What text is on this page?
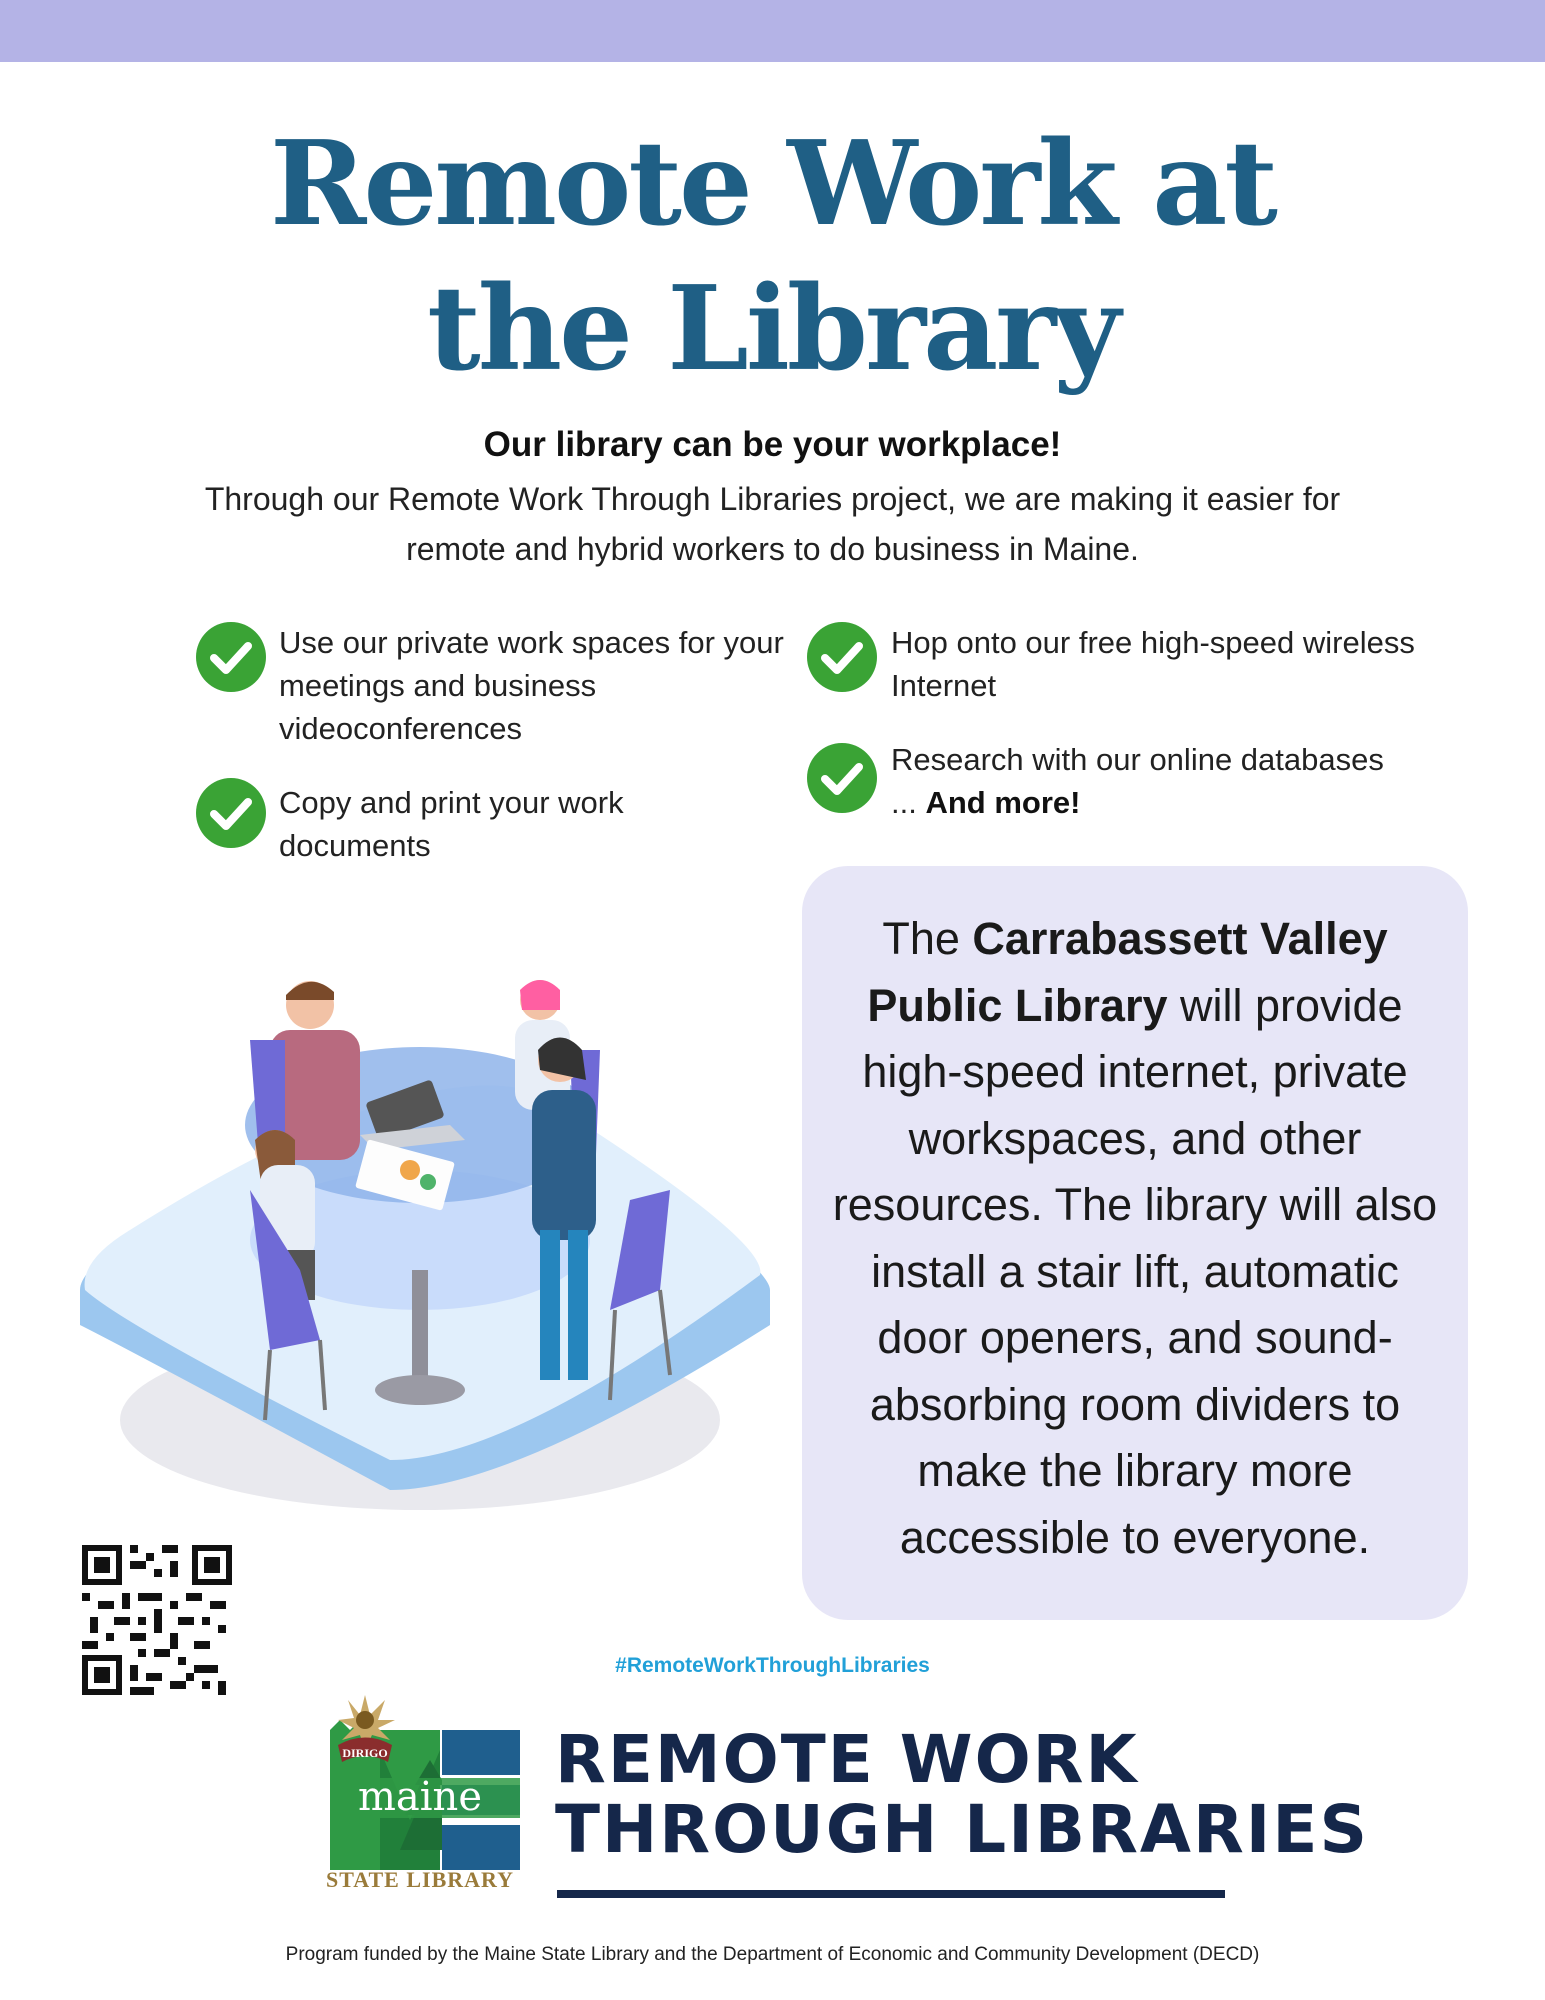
Remote Work at
the Library
Our library can be your workplace!
Through our Remote Work Through Libraries project, we are making it easier for remote and hybrid workers to do business in Maine.
Use our private work spaces for your meetings and business videoconferences
Copy and print your work documents
Hop onto our free high-speed wireless Internet
Research with our online databases
... And more!
The Carrabassett Valley Public Library will provide high-speed internet, private workspaces, and other resources. The library will also install a stair lift, automatic door openers, and sound-absorbing room dividers to make the library more accessible to everyone.
#RemoteWorkThroughLibraries
DIRIGO
maine
STATE LIBRARY
REMOTE WORK
THROUGH LIBRARIES
Program funded by the Maine State Library and the Department of Economic and Community Development (DECD)
